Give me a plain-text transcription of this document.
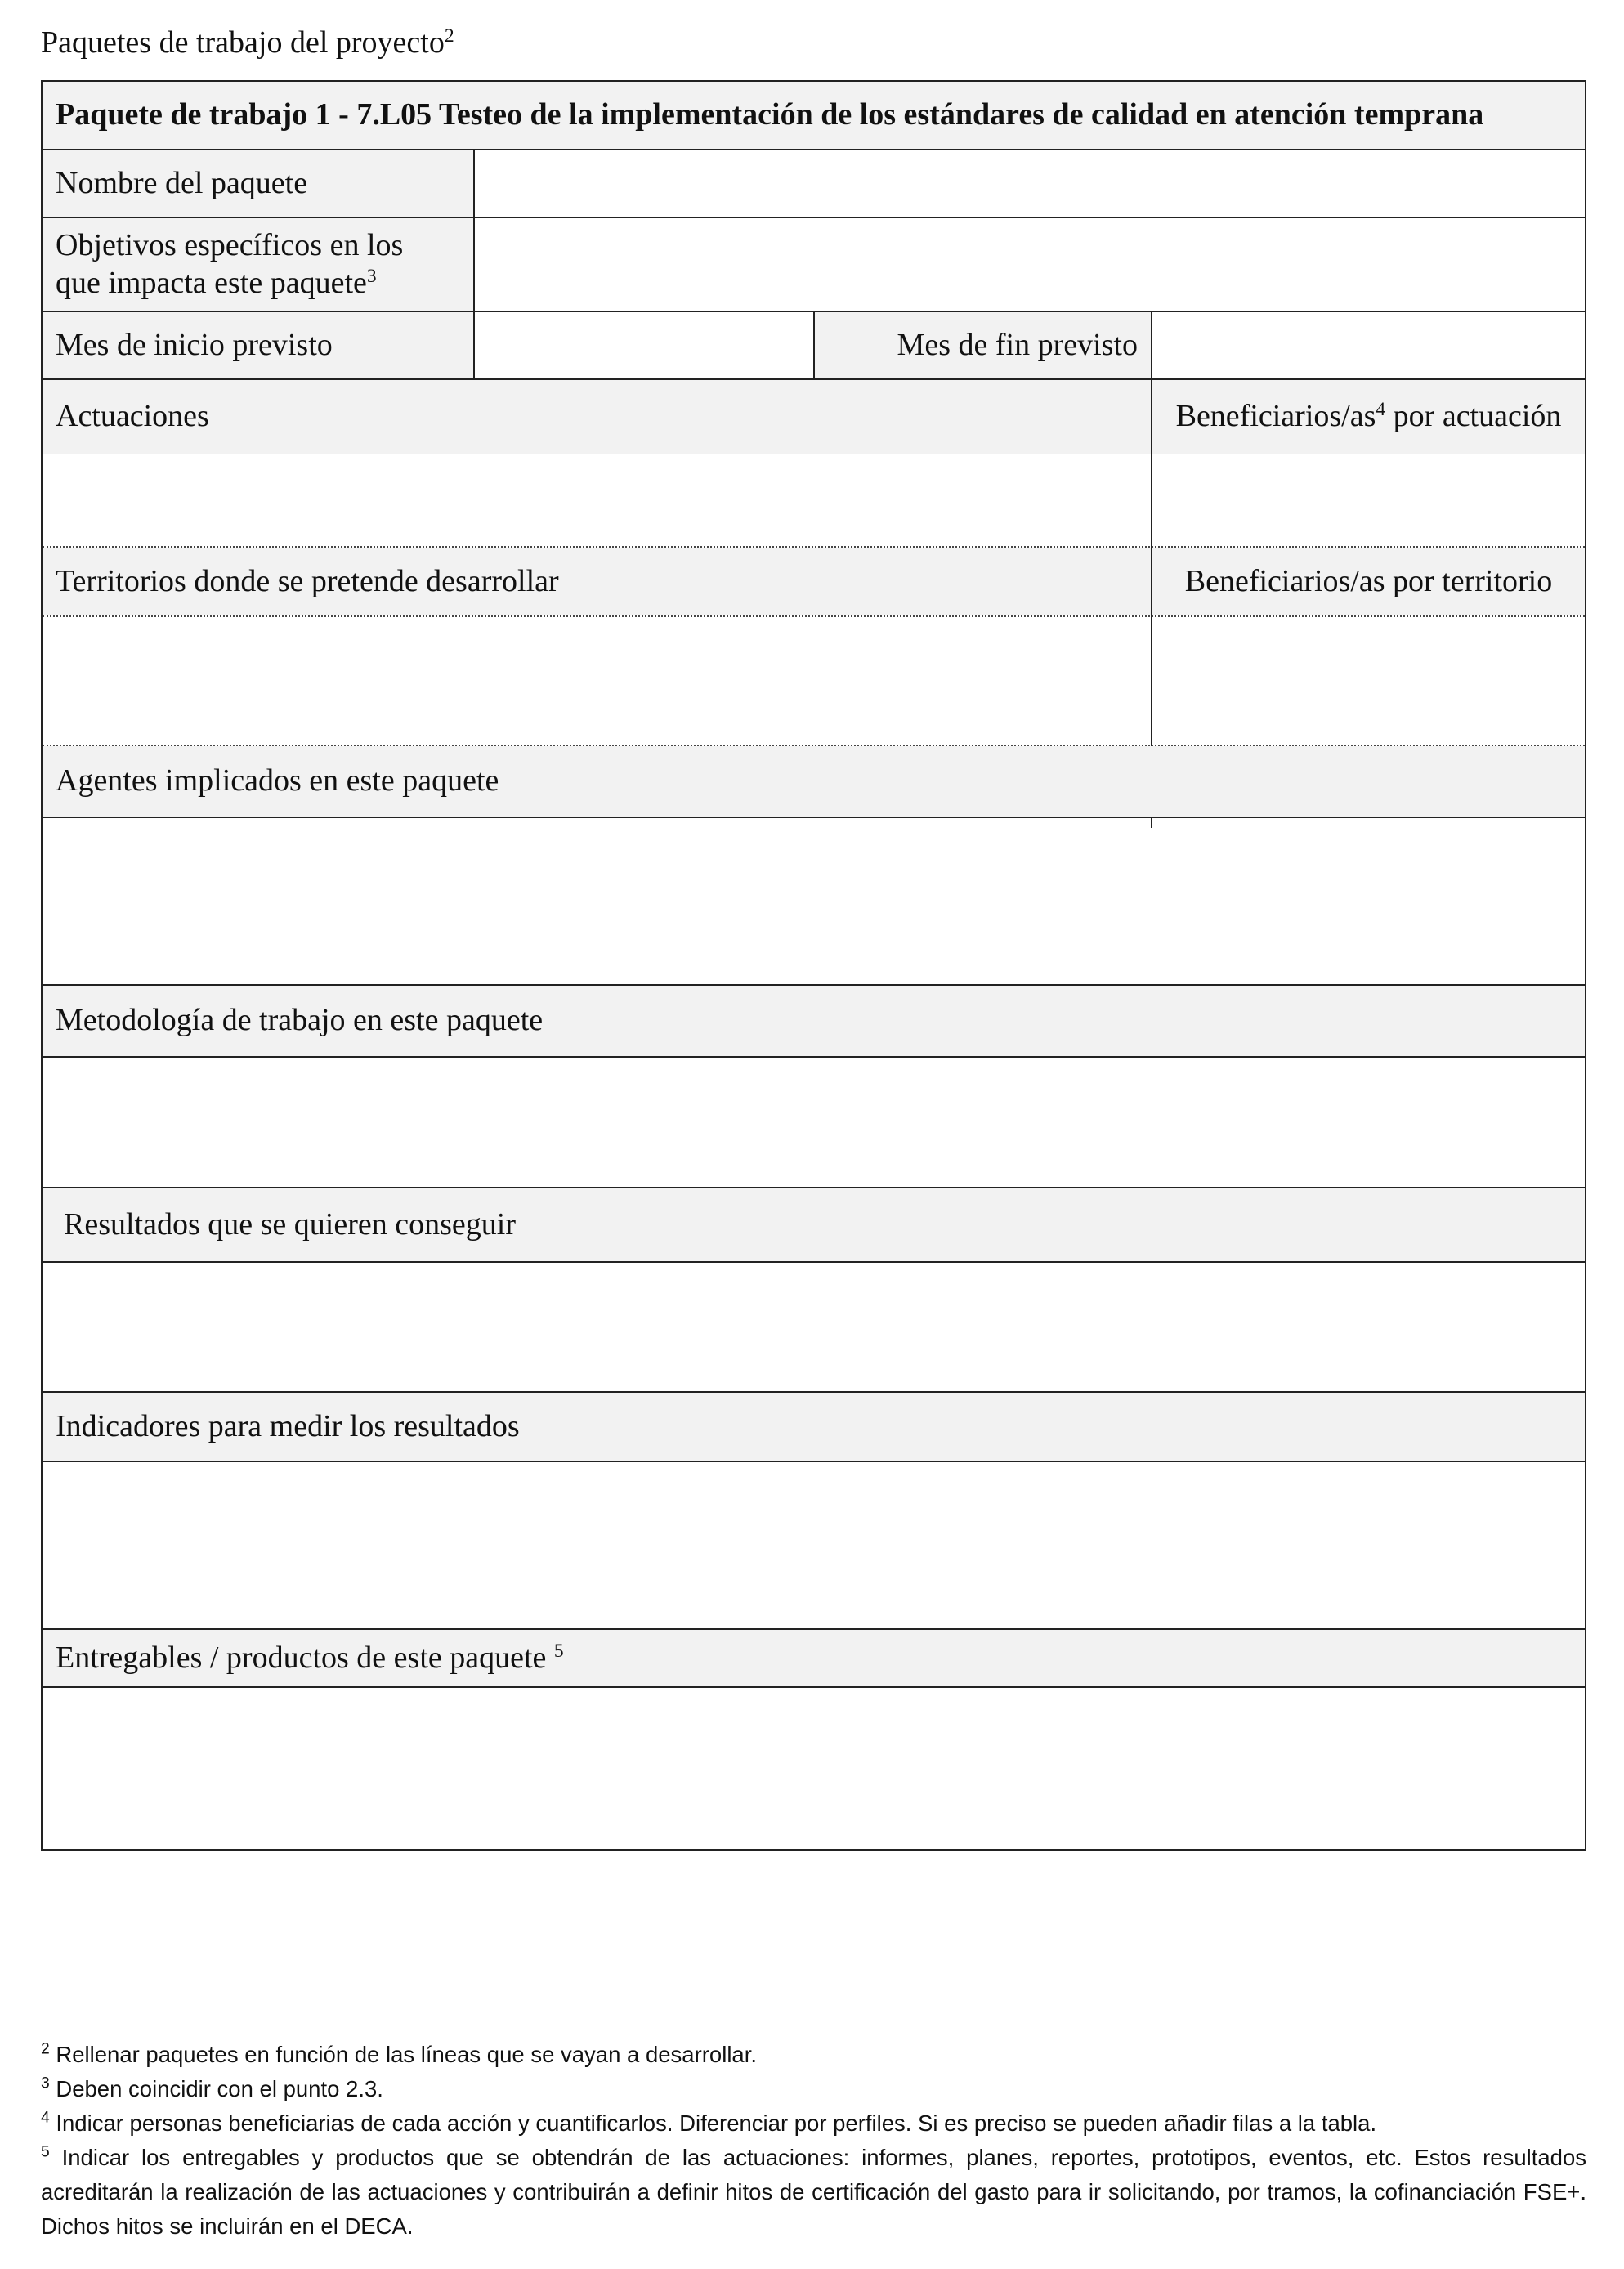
Paquetes de trabajo del proyecto$^2$
Paquete de trabajo 1 - 7.L05 Testeo de la implementación de los estándares de calidad en atención temprana
Nombre del paquete
Objetivos específicos en los
que impacta este paquete$^3$
Mes de inicio previsto	Mes de fin previsto
Actuaciones	Beneficiarios/$as^4$ por actuación
Territorios donde se pretende desarrollar	Beneficiarios/as por territorio
Agentes implicados en este paquete
Metodología de trabajo en este paquete
Resultados que se quieren conseguir
Indicadores para medir los resultados
Entregables / productos de este paquete $^5$
$^2$ Rellenar paquetes en función de las líneas que se vayan a desarrollar.
$^3$ Deben coincidir con el punto 2.3.
$^4$ Indicar personas beneficiarias de cada acción y cuantificarlos. Diferenciar por perfiles. Si es preciso se pueden añadir filas a la tabla.
$^5$ Indicar los entregables y productos que se obtendrán de las actuaciones: informes, planes, reportes, prototipos, eventos, etc. Estos resultados acreditarán la realización de las actuaciones y contribuirán a definir hitos de certificación del gasto para ir solicitando, por tramos, la cofinanciación FSE+. Dichos hitos se incluirán en el DECA.
